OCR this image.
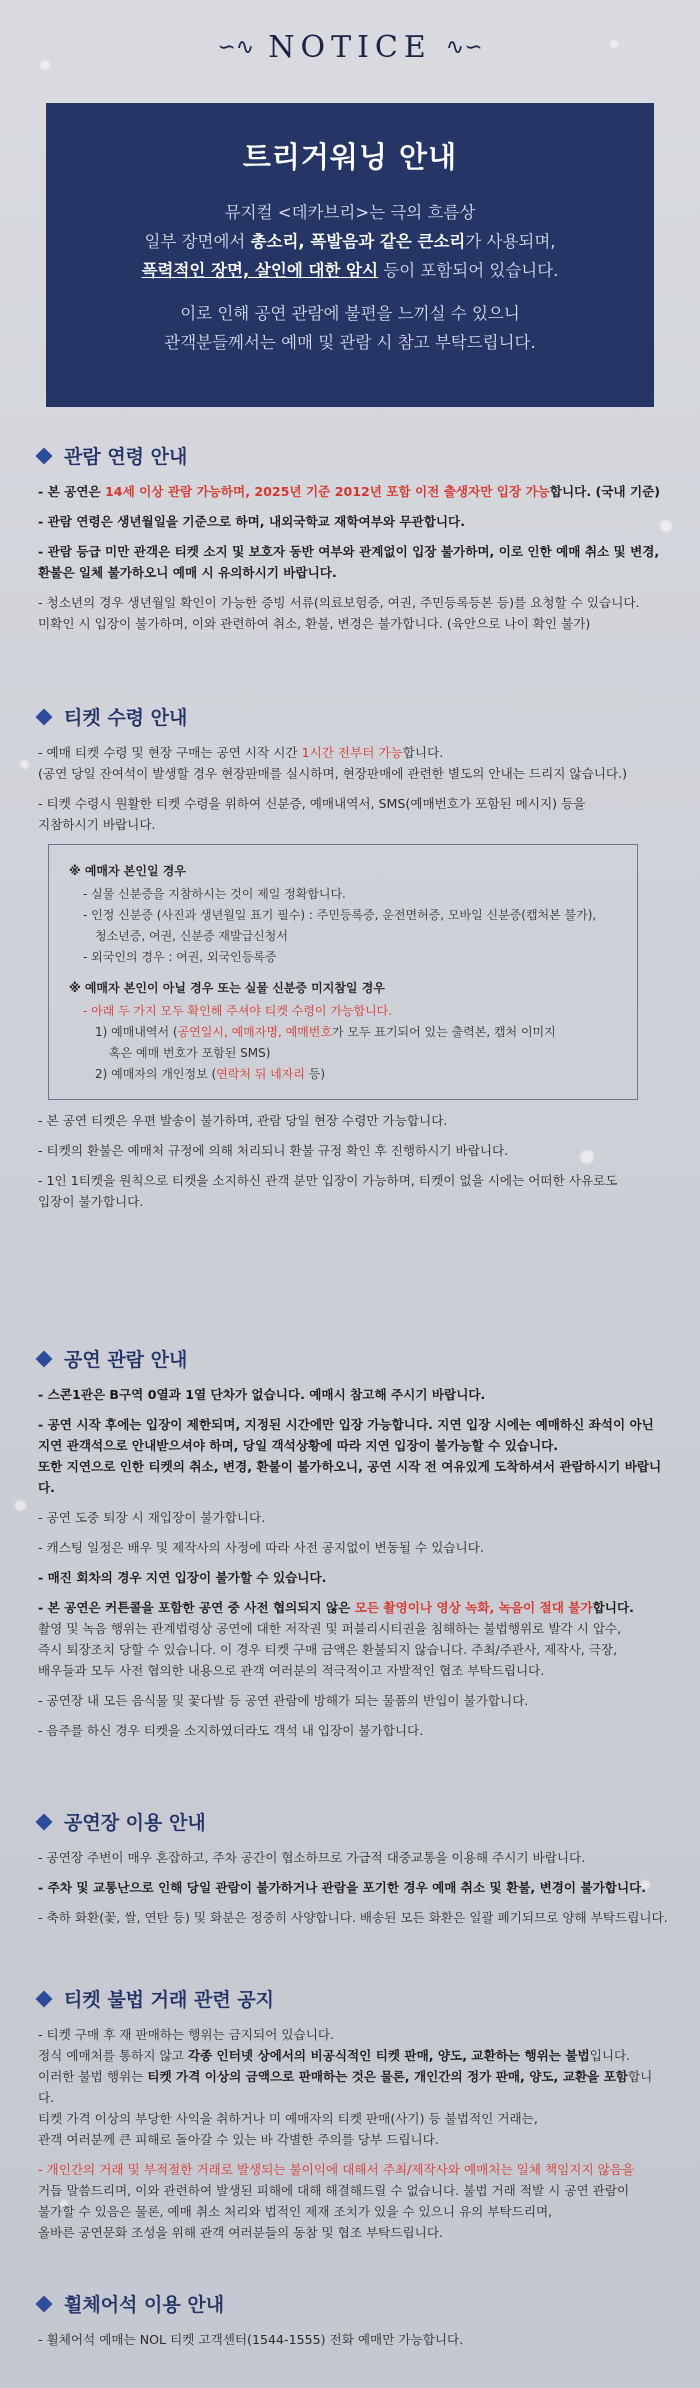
∽∿ NOTICE ∿∽
트리거워닝 안내

뮤지컬 <데카브리>는 극의 흐름상

일부 장면에서 총소리, 폭발음과 같은 큰소리가 사용되며,

폭력적인 장면, 살인에 대한 암시 등이 포함되어 있습니다.

이로 인해 공연 관람에 불편을 느끼실 수 있으니

관객분들께서는 예매 및 관람 시 참고 부탁드립니다.

관람 연령 안내
- 본 공연은 14세 이상 관람 가능하며, 2025년 기준 2012년 포함 이전 출생자만 입장 가능합니다. (국내 기준)
- 관람 연령은 생년월일을 기준으로 하며, 내외국학교 재학여부와 무관합니다.
- 관람 등급 미만 관객은 티켓 소지 및 보호자 동반 여부와 관계없이 입장 불가하며, 이로 인한 예매 취소 및 변경,
환불은 일체 불가하오니 예매 시 유의하시기 바랍니다.
- 청소년의 경우 생년월일 확인이 가능한 증빙 서류(의료보험증, 여권, 주민등록등본 등)를 요청할 수 있습니다.
미확인 시 입장이 불가하며, 이와 관련하여 취소, 환불, 변경은 불가합니다. (육안으로 나이 확인 불가)
티켓 수령 안내
- 예매 티켓 수령 및 현장 구매는 공연 시작 시간 1시간 전부터 가능합니다.
(공연 당일 잔여석이 발생할 경우 현장판매를 실시하며, 현장판매에 관련한 별도의 안내는 드리지 않습니다.)
- 티켓 수령시 원활한 티켓 수령을 위하여 신분증, 예매내역서, SMS(예매번호가 포함된 메시지) 등을
지참하시기 바랍니다.
※ 예매자 본인일 경우
- 실물 신분증을 지참하시는 것이 제일 정확합니다.
- 인정 신분증 (사진과 생년월일 표기 필수) : 주민등록증, 운전면허증, 모바일 신분증(캡처본 불가),
청소년증, 여권, 신분증 재발급신청서
- 외국인의 경우 : 여권, 외국인등록증
※ 예매자 본인이 아닐 경우 또는 실물 신분증 미지참일 경우
- 아래 두 가지 모두 확인해 주셔야 티켓 수령이 가능합니다.
1) 예매내역서 (공연일시, 예매자명, 예매번호가 모두 표기되어 있는 출력본, 캡처 이미지
혹은 예매 번호가 포함된 SMS)
2) 예매자의 개인정보 (연락처 뒤 네자리 등)
- 본 공연 티켓은 우편 발송이 불가하며, 관람 당일 현장 수령만 가능합니다.
- 티켓의 환불은 예매처 규정에 의해 처리되니 환불 규정 확인 후 진행하시기 바랍니다.
- 1인 1티켓을 원칙으로 티켓을 소지하신 관객 분만 입장이 가능하며, 티켓이 없을 시에는 어떠한 사유로도
입장이 불가합니다.
공연 관람 안내
- 스콘1관은 B구역 0열과 1열 단차가 없습니다. 예매시 참고해 주시기 바랍니다.
- 공연 시작 후에는 입장이 제한되며, 지정된 시간에만 입장 가능합니다. 지연 입장 시에는 예매하신 좌석이 아닌
지연 관객석으로 안내받으셔야 하며, 당일 객석상황에 따라 지연 입장이 불가능할 수 있습니다.
또한 지연으로 인한 티켓의 취소, 변경, 환불이 불가하오니, 공연 시작 전 여유있게 도착하셔서 관람하시기 바랍니다.
- 공연 도중 퇴장 시 재입장이 불가합니다.
- 캐스팅 일정은 배우 및 제작사의 사정에 따라 사전 공지없이 변동될 수 있습니다.
- 매진 회차의 경우 지연 입장이 불가할 수 있습니다.
- 본 공연은 커튼콜을 포함한 공연 중 사전 협의되지 않은 모든 촬영이나 영상 녹화, 녹음이 절대 불가합니다.
촬영 및 녹음 행위는 관계법령상 공연에 대한 저작권 및 퍼블리시티권을 침해하는 불법행위로 발각 시 압수,
즉시 퇴장조치 당할 수 있습니다. 이 경우 티켓 구매 금액은 환불되지 않습니다. 주최/주관사, 제작사, 극장,
배우들과 모두 사전 협의한 내용으로 관객 여러분의 적극적이고 자발적인 협조 부탁드립니다.
- 공연장 내 모든 음식물 및 꽃다발 등 공연 관람에 방해가 되는 물품의 반입이 불가합니다.
- 음주를 하신 경우 티켓을 소지하였더라도 객석 내 입장이 불가합니다.
공연장 이용 안내
- 공연장 주변이 매우 혼잡하고, 주차 공간이 협소하므로 가급적 대중교통을 이용해 주시기 바랍니다.
- 주차 및 교통난으로 인해 당일 관람이 불가하거나 관람을 포기한 경우 예매 취소 및 환불, 변경이 불가합니다.
- 축하 화환(꽃, 쌀, 연탄 등) 및 화분은 정중히 사양합니다. 배송된 모든 화환은 일괄 폐기되므로 양해 부탁드립니다.
티켓 불법 거래 관련 공지
- 티켓 구매 후 재 판매하는 행위는 금지되어 있습니다.
정식 예매처를 통하지 않고 각종 인터넷 상에서의 비공식적인 티켓 판매, 양도, 교환하는 행위는 불법입니다.
이러한 불법 행위는 티켓 가격 이상의 금액으로 판매하는 것은 물론, 개인간의 정가 판매, 양도, 교환을 포함합니다.
티켓 가격 이상의 부당한 사익을 취하거나 미 예매자의 티켓 판매(사기) 등 불법적인 거래는,
관객 여러분께 큰 피해로 돌아갈 수 있는 바 각별한 주의를 당부 드립니다.
- 개인간의 거래 및 부적절한 거래로 발생되는 불이익에 대해서 주최/제작사와 예매처는 일체 책임지지 않음을
거듭 말씀드리며, 이와 관련하여 발생된 피해에 대해 해결해드릴 수 없습니다. 불법 거래 적발 시 공연 관람이
불가할 수 있음은 물론, 예매 취소 처리와 법적인 제재 조치가 있을 수 있으니 유의 부탁드리며,
올바른 공연문화 조성을 위해 관객 여러분들의 동참 및 협조 부탁드립니다.
휠체어석 이용 안내
- 휠체어석 예매는 NOL 티켓 고객센터(1544-1555) 전화 예매만 가능합니다.
